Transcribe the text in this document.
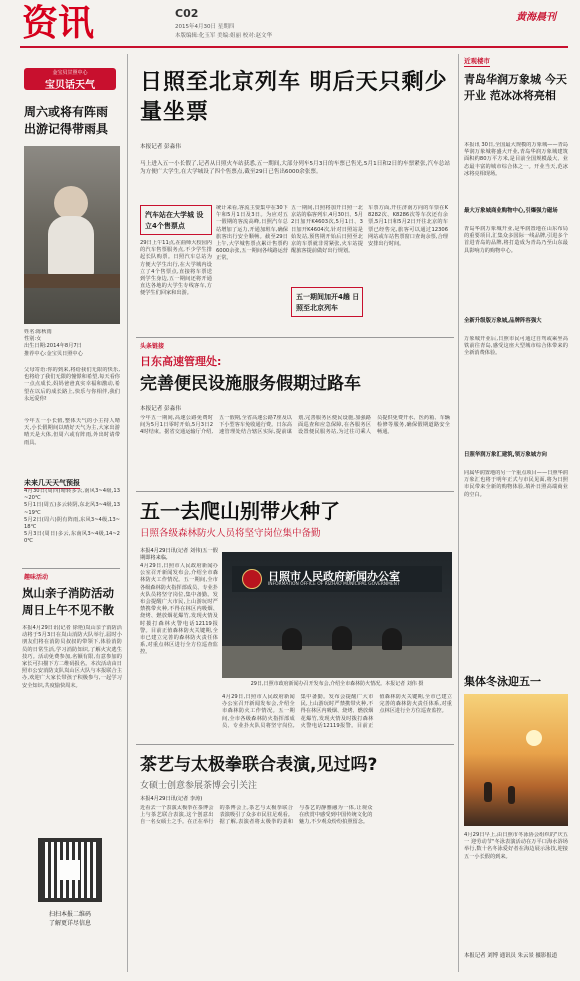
资讯	C02
2015年4月30日 星期四
本版编辑:化玉军 美编:姐丽 校对:赵文华
黄海晨刊
金宝贝甘照中心
宝贝话天气
周六或将有阵雨 出游记得带雨具
姓名:陈秋雨
性别:女
出生日期:2014年8月7日
推荐中心:金宝贝日照中心
父母寄语:你的到来,将给我们无限的快乐,也将给了我们无限的憧憬和希望,每天看你一点点成长,妈妈爸爸真实幸福和激动,希望在以后的成长路上,快乐与你相伴,我们永远爱你!
今年五一小长假,整体天气的小主持人晴天,小长假期间以晴好天气为主,大家出游晴天是大体,但周六或有阵雨,外出时请带雨具。
未来几天天气预报
4月30日(周四)晴转多云,南风3~4级,13~20℃
5月1日(周五)多云转阴,东北风3~4级,13~19℃
5月2日(周六)阴有阵雨,东风3~4级,13~18℃
5月3日(周日)多云,东南风3~4级,14~20℃
趣味活动
岚山亲子消防活动 周日上午不见不散
本报4月29日讯(记者 徐艳)岚山亲子消防活动将于5月3日在岚山消防大队举行,届时小朋友们将在消防员叔叔的带领下,体验消防员的日常生活,学习消防知识,了解火灾逃生技巧。活动免费参加,名额有限,有意参加的家长可扫描下方二维码报名。本次活动由日照市公安消防支队岚山区大队与本报联合主办,欢迎广大家长带孩子积极参与,一起学习安全知识,共度愉快周末。
扫扫本报二维码
了解更详尽信息
日照至北京列车 明后天只剩少量坐票
本报记者 彭淼伟
马上进入五一小长假了,记者从日照火车站获悉,五一期间,大部分列车5月3日的车票已售光,5月1日和2日的车票紧张,汽车总站为方便广大学生,在大学城设了四个售票点,截至29日已售出6000余张票。
汽车站在大学城 设立4个售票点
29日上午11点,在曲师大校园内的汽车售票服务点,不少学生排起长队购票。日照汽车总站为方便大学生出行,在大学城内设立了4个售票点,直接将车票送到学生身边,五一期间还将开通直达各地的大学生专线客车,方便学生们回家和出游。
统计来看,客流主要集中在30下午和5月1日及3日。为应对五一假期的客流高峰,日照汽车总站增加了运力,开通加班车,确保旅客出行安全顺畅。截至29日上午,大学城售票点累计售票约6000余张,五一期间各线路运营正常。
五一期间加开4趟 日照至北京列车
五一期间,日照将加开日照一北京站的临客列车,4月30日、5月2日加开K4603次,5月1日、3日加开K4604次,针对日照站是始发站,预售期开始后日照至北京的车票就非常紧张,火车站提醒旅客提前做好出行规划。
车票方面,开往济南方向的车票在K8282次、K8286次等车次还有余票,5月1日和5月2日开往北京的车票已经售完,旅客可以通过12306网站或车站售票窗口查询余票,合理安排出行时间。
头条链接
日东高速管理处:
完善便民设施服务假期过路车
本报记者 彭淼伟
今年五一期间,高速公路免费时间为5月1日零时开始,5月3日24时结束。据省交通运输厅介绍,五一假期,全省高速公路7座及以下小型客车免收通行费。日东高速管理处结合辖区实际,提前谋划,完善服务区便民设施,加强路面巡查和应急保障,在各服务区设置便民服务站,为过往司乘人员提供免费开水、医药箱、车辆检修等服务,确保假期道路安全畅通。
五一去爬山别带火种了
日照各级森林防火人员将坚守岗位集中备勤
本报4月29日讯(记者 刘伟)五一假期即将来临,
4月29日,日照市人民政府新闻办公室召开新闻发布会,介绍全市森林防火工作情况。五一期间,全市各级森林防火指挥部成员、专业扑火队员将坚守岗位,集中备勤。发布会提醒广大市民,上山游玩时严禁携带火种,不得在林区内吸烟、烧烤、燃放烟花爆竹,发现火情及时拨打森林火警电话12119报警。目前正值森林防火关键期,全市已建立完善的森林防火责任体系,对重点林区进行全方位巡查监控。
日照市人民政府新闻办公室
INFORMATION OFFICE OF RIZHAO MUNICIPAL GOVERNMENT
29日,日照市政府新闻办召开发布会,介绍全市森林防火情况。本报记者 刘伟 摄
4月29日,日照市人民政府新闻办公室召开新闻发布会,介绍全市森林防火工作情况。五一期间,全市各级森林防火指挥部成员、专业扑火队员将坚守岗位,集中备勤。发布会提醒广大市民,上山游玩时严禁携带火种,不得在林区内吸烟、烧烤、燃放烟花爆竹,发现火情及时拨打森林火警电话12119报警。目前正值森林防火关键期,全市已建立完善的森林防火责任体系,对重点林区进行全方位巡查监控。
茶艺与太极拳联合表演,见过吗?
女硕士创意参展茶博会引关注
本报4月29日讯(记者 李涛)
近看去一个表演太极拳在茶博会上与茶艺联合表演,这个创意出自一名女硕士之手。在正在举行的茶博会上,茶艺与太极拳联合表演吸引了众多市民驻足观看。据了解,表演者将太极拳的柔和与茶艺的静雅融为一体,让观众在欣赏中感受到中国传统文化的魅力,不少观众纷纷拍照留念。
近观楼市
青岛华润万象城 今天开业 范冰冰将亮相
本报讯 30日,全国最大规模的万象城——青岛华润万象城将盛大开业,青岛华润万象城建筑面积约80万平方米,是目前全国规模最大、业态最丰富的城市综合体之一。开业当天,范冰冰将亮相现场。
最大万象城商业购物中心,引爆强力磁场
青岛华润万象城开业,是华润置地在山东布局的重要项目,汇集众多国际一线品牌,引进多个首进青岛的品牌,将打造成为青岛乃至山东最具影响力的购物中心。
全新升级版万象城,品牌阵容强大
万象城开业后,日照市民可通过自驾或乘坐高铁前往青岛,感受这座大型城市综合体带来的全新消费体验。
日照华润万象汇建筑,领万象城方向
同属华润置地的另一个重点项目——日照华润万象汇也将于明年正式与市民见面,将为日照市民带来全新的购物体验,填补日照高端商业的空白。
集体冬泳迎五一
4月29日早上,由日照市冬泳协会组织的"庆五一 迎劳动节"冬泳表演活动在万平口海水浴场举行,数十名冬泳爱好者在海边展示泳技,迎接五一小长假的到来。
本报记者 刘博 通讯员 朱云景 摄影报道
